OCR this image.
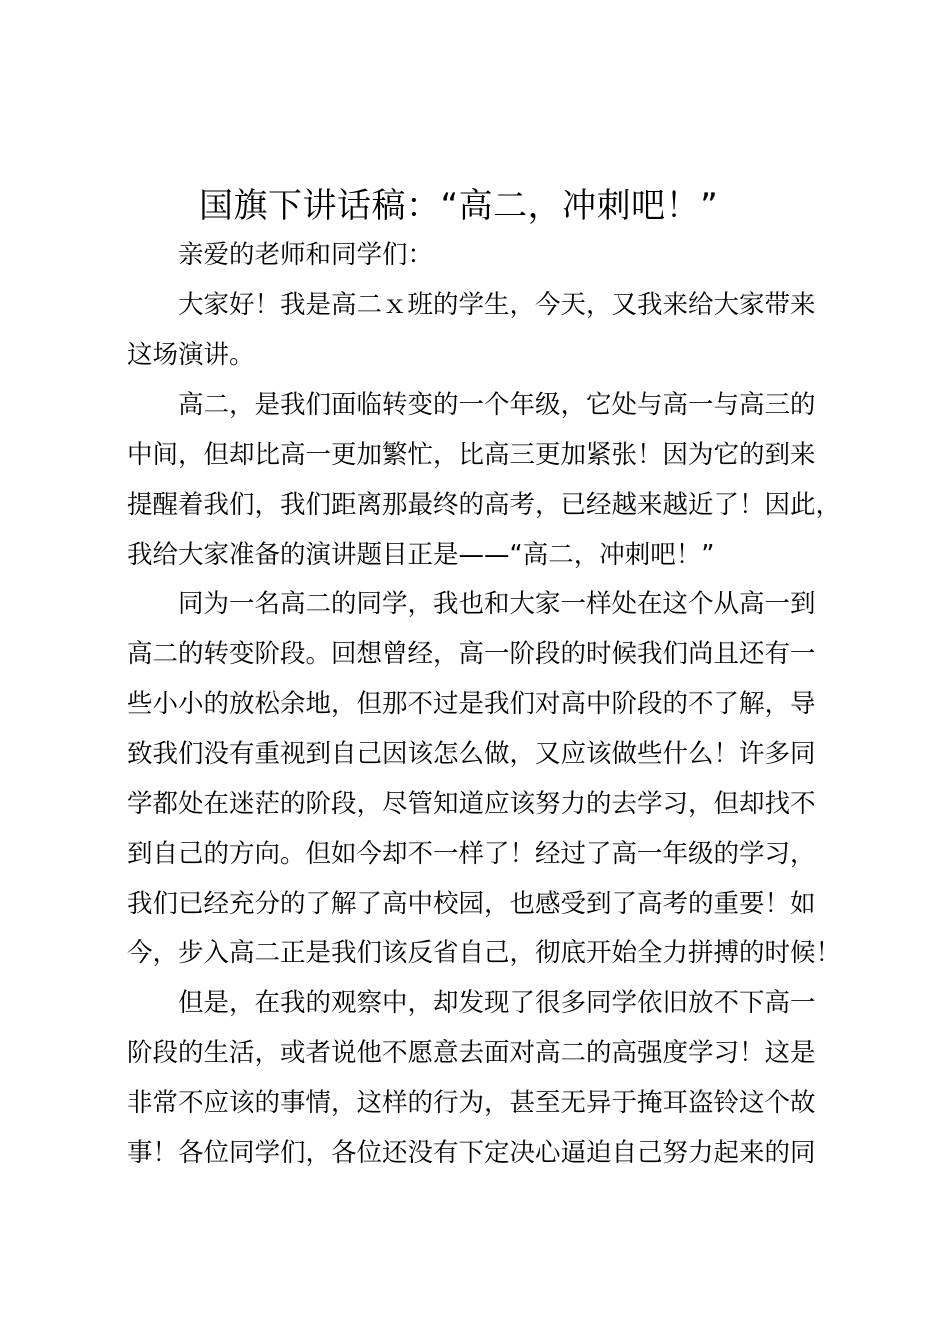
国旗下讲话稿：“高二，冲刺吧！”
　　亲爱的老师和同学们：
　　大家好！我是高二ｘ班的学生，今天，又我来给大家带来
这场演讲。
　　高二，是我们面临转变的一个年级，它处与高一与高三的
中间，但却比高一更加繁忙，比高三更加紧张！因为它的到来
提醒着我们，我们距离那最终的高考，已经越来越近了！因此，
我给大家准备的演讲题目正是——“高二，冲刺吧！”
　　同为一名高二的同学，我也和大家一样处在这个从高一到
高二的转变阶段。回想曾经，高一阶段的时候我们尚且还有一
些小小的放松余地，但那不过是我们对高中阶段的不了解，导
致我们没有重视到自己因该怎么做，又应该做些什么！许多同
学都处在迷茫的阶段，尽管知道应该努力的去学习，但却找不
到自己的方向。但如今却不一样了！经过了高一年级的学习，
我们已经充分的了解了高中校园，也感受到了高考的重要！如
今，步入高二正是我们该反省自己，彻底开始全力拼搏的时候！
　　但是，在我的观察中，却发现了很多同学依旧放不下高一
阶段的生活，或者说他不愿意去面对高二的高强度学习！这是
非常不应该的事情，这样的行为，甚至无异于掩耳盗铃这个故
事！各位同学们，各位还没有下定决心逼迫自己努力起来的同
